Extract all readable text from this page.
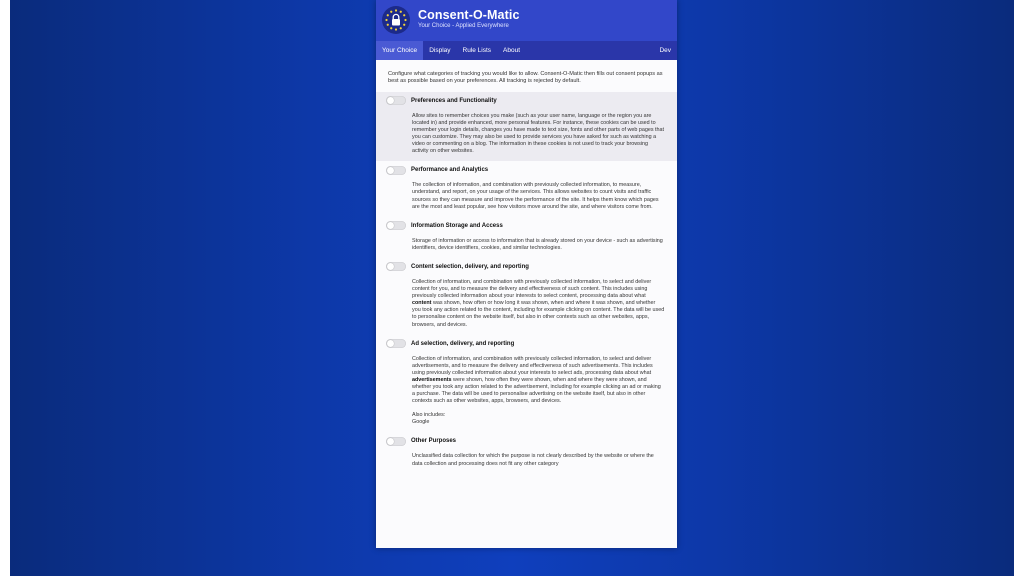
Consent-O-Matic
Your Choice - Applied Everywhere
Your Choice	Display	Rule Lists	About	Dev
Configure what categories of tracking you would like to allow. Consent-O-Matic then fills out consent popups as best as possible based on your preferences. All tracking is rejected by default.
Preferences and Functionality
Allow sites to remember choices you make (such as your user name, language or the region you are located in) and provide enhanced, more personal features. For instance, these cookies can be used to remember your login details, changes you have made to text size, fonts and other parts of web pages that you can customize. They may also be used to provide services you have asked for such as watching a video or commenting on a blog. The information in these cookies is not used to track your browsing activity on other websites.
Performance and Analytics
The collection of information, and combination with previously collected information, to measure, understand, and report, on your usage of the services. This allows websites to count visits and traffic sources so they can measure and improve the performance of the site. It helps them know which pages are the most and least popular, see how visitors move around the site, and where visitors come from.
Information Storage and Access
Storage of information or access to information that is already stored on your device - such as advertising identifiers, device identifiers, cookies, and similar technologies.
Content selection, delivery, and reporting
Collection of information, and combination with previously collected information, to select and deliver content for you, and to measure the delivery and effectiveness of such content. This includes using previously collected information about your interests to select content, processing data about what content was shown, how often or how long it was shown, when and where it was shown, and whether you took any action related to the content, including for example clicking on content. The data will be used to personalise content on the website itself, but also in other contexts such as other websites, apps, browsers, and devices.
Ad selection, delivery, and reporting
Collection of information, and combination with previously collected information, to select and deliver advertisements, and to measure the delivery and effectiveness of such advertisements. This includes using previously collected information about your interests to select ads, processing data about what advertisements were shown, how often they were shown, when and where they were shown, and whether you took any action related to the advertisement, including for example clicking an ad or making a purchase. The data will be used to personalise advertising on the website itself, but also in other contexts such as other websites, apps, browsers, and devices.
Also includes:
Google
Other Purposes
Unclassified data collection for which the purpose is not clearly described by the website or where the data collection and processing does not fit any other category
